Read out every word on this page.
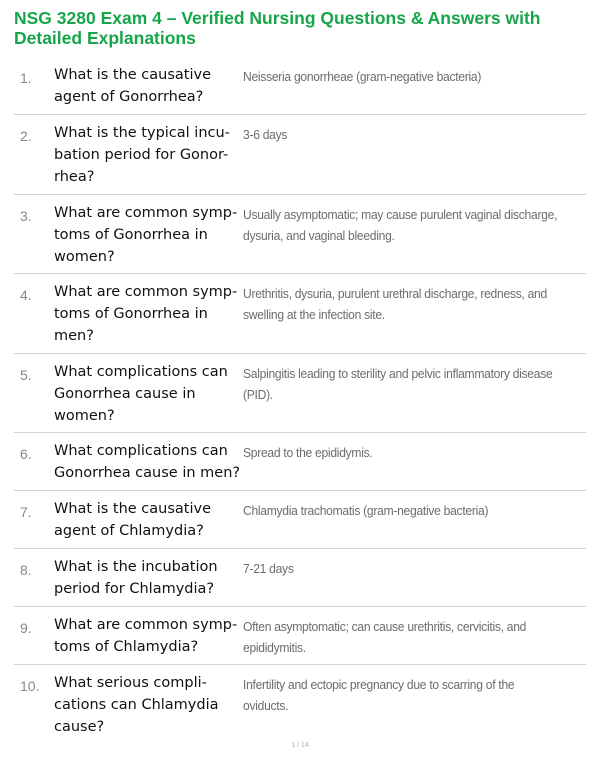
NSG 3280 Exam 4 – Verified Nursing Questions & Answers with Detailed Explanations
1. What is the causative agent of Gonorrhea?
Neisseria gonorrheae (gram-negative bacteria)
2. What is the typical incu-bation period for Gonor-rhea?
3-6 days
3. What are common symp-toms of Gonorrhea in women?
Usually asymptomatic; may cause purulent vaginal discharge, dysuria, and vaginal bleeding.
4. What are common symp-toms of Gonorrhea in men?
Urethritis, dysuria, purulent urethral discharge, redness, and swelling at the infection site.
5. What complications can Gonorrhea cause in women?
Salpingitis leading to sterility and pelvic inflammatory disease (PID).
6. What complications can Gonorrhea cause in men?
Spread to the epididymis.
7. What is the causative agent of Chlamydia?
Chlamydia trachomatis (gram-negative bacteria)
8. What is the incubation period for Chlamydia?
7-21 days
9. What are common symp-toms of Chlamydia?
Often asymptomatic; can cause urethritis, cervicitis, and epididymitis.
10. What serious compli-cations can Chlamydia cause?
Infertility and ectopic pregnancy due to scarring of the oviducts.
1 / 14
